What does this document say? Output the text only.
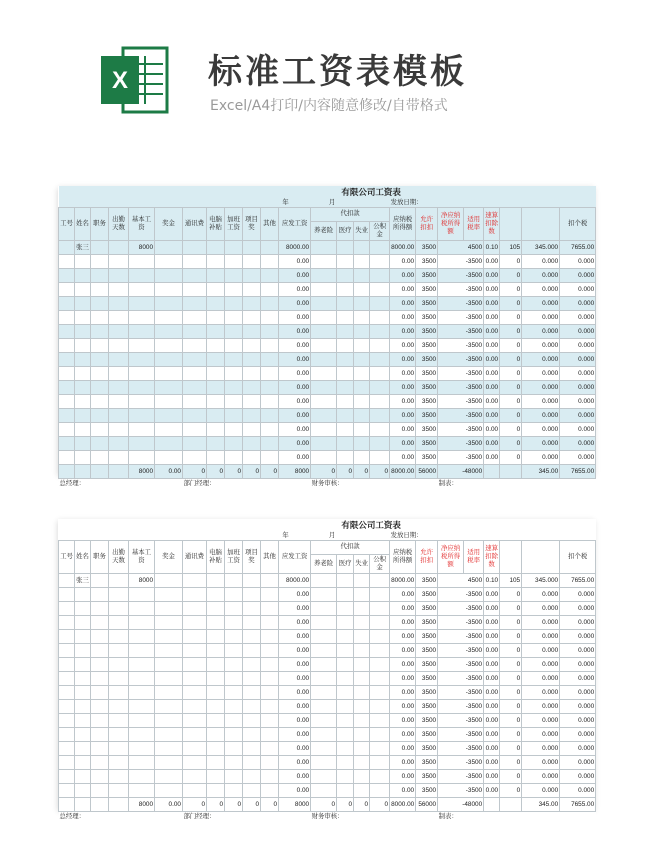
X 标准工资表模板
Excel/A4打印/内容随意修改/自带格式
											有限公司工资表													
										年		月				发放日期：								
工号	姓名	职务	出勤天数	基本工资	奖金	通讯费	电脑补贴	加班工资	项目奖	其他	应发工资	代扣款				应纳税所得额	允许扣扣	净应纳税所得额	适用税率	速算扣除数			扣个税	
												养老险	医疗	失业	公积金									
	张三			8000							8000.00					8000.00	3500	4500		0.10	105	345.000	7655.00	
											0.00					0.00	3500	-3500		0.00	0	0.000	0.000	
											0.00					0.00	3500	-3500		0.00	0	0.000	0.000	
											0.00					0.00	3500	-3500		0.00	0	0.000	0.000	
											0.00					0.00	3500	-3500		0.00	0	0.000	0.000	
											0.00					0.00	3500	-3500		0.00	0	0.000	0.000	
											0.00					0.00	3500	-3500		0.00	0	0.000	0.000	
											0.00					0.00	3500	-3500		0.00	0	0.000	0.000	
											0.00					0.00	3500	-3500		0.00	0	0.000	0.000	
											0.00					0.00	3500	-3500		0.00	0	0.000	0.000	
											0.00					0.00	3500	-3500		0.00	0	0.000	0.000	
											0.00					0.00	3500	-3500		0.00	0	0.000	0.000	
											0.00					0.00	3500	-3500		0.00	0	0.000	0.000	
											0.00					0.00	3500	-3500		0.00	0	0.000	0.000	
											0.00					0.00	3500	-3500		0.00	0	0.000	0.000	
											0.00					0.00	3500	-3500		0.00	0	0.000	0.000	
				8000	0.00	0	0	0	0	0	8000	0	0	0	0	8000.00	56000	-48000				345.00	7655.00	
总经理：						部门经理：						财务审核：						制表：						
											有限公司工资表													
										年		月				发放日期：								
工号	姓名	职务	出勤天数	基本工资	奖金	通讯费	电脑补贴	加班工资	项目奖	其他	应发工资	代扣款				应纳税所得额	允许扣扣	净应纳税所得额	适用税率	速算扣除数			扣个税	
												养老险	医疗	失业	公积金									
	张三			8000							8000.00					8000.00	3500	4500		0.10	105	345.000	7655.00	
											0.00					0.00	3500	-3500		0.00	0	0.000	0.000	
											0.00					0.00	3500	-3500		0.00	0	0.000	0.000	
											0.00					0.00	3500	-3500		0.00	0	0.000	0.000	
											0.00					0.00	3500	-3500		0.00	0	0.000	0.000	
											0.00					0.00	3500	-3500		0.00	0	0.000	0.000	
											0.00					0.00	3500	-3500		0.00	0	0.000	0.000	
											0.00					0.00	3500	-3500		0.00	0	0.000	0.000	
											0.00					0.00	3500	-3500		0.00	0	0.000	0.000	
											0.00					0.00	3500	-3500		0.00	0	0.000	0.000	
											0.00					0.00	3500	-3500		0.00	0	0.000	0.000	
											0.00					0.00	3500	-3500		0.00	0	0.000	0.000	
											0.00					0.00	3500	-3500		0.00	0	0.000	0.000	
											0.00					0.00	3500	-3500		0.00	0	0.000	0.000	
											0.00					0.00	3500	-3500		0.00	0	0.000	0.000	
											0.00					0.00	3500	-3500		0.00	0	0.000	0.000	
				8000	0.00	0	0	0	0	0	8000	0	0	0	0	8000.00	56000	-48000				345.00	7655.00	
总经理：						部门经理：						财务审核：						制表：						
